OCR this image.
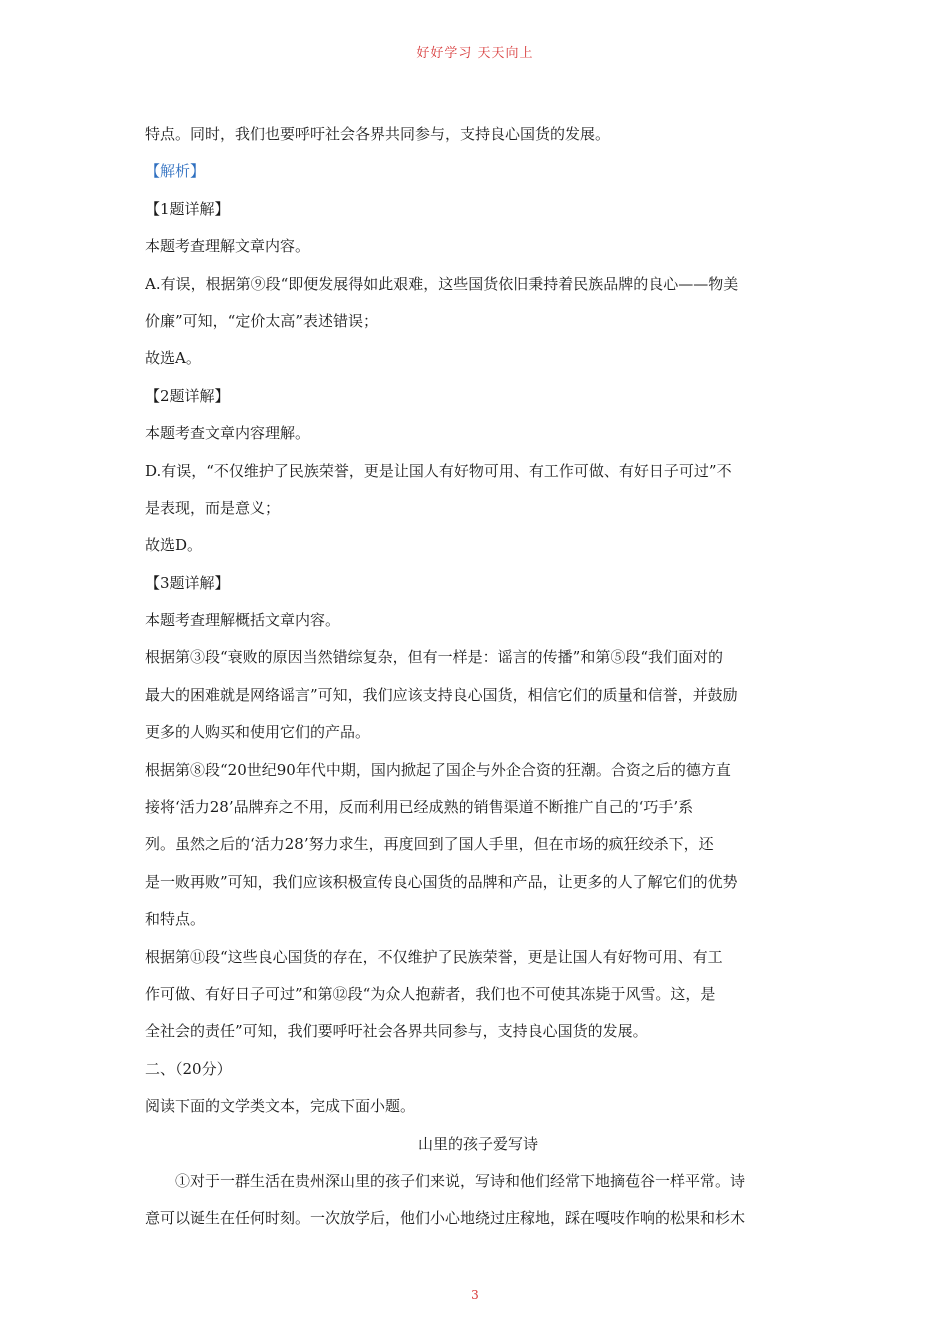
好好学习 天天向上
特点。同时，我们也要呼吁社会各界共同参与，支持良心国货的发展。
【解析】
【1题详解】
本题考查理解文章内容。
A.有误，根据第⑨段“即便发展得如此艰难，这些国货依旧秉持着民族品牌的良心——物美
价廉”可知，“定价太高”表述错误；
故选A。
【2题详解】
本题考查文章内容理解。
D.有误，“不仅维护了民族荣誉，更是让国人有好物可用、有工作可做、有好日子可过”不
是表现，而是意义；
故选D。
【3题详解】
本题考查理解概括文章内容。
根据第③段“衰败的原因当然错综复杂，但有一样是：谣言的传播”和第⑤段“我们面对的
最大的困难就是网络谣言”可知，我们应该支持良心国货，相信它们的质量和信誉，并鼓励
更多的人购买和使用它们的产品。
根据第⑧段“20世纪90年代中期，国内掀起了国企与外企合资的狂潮。合资之后的德方直
接将‘活力28’品牌弃之不用，反而利用已经成熟的销售渠道不断推广自己的‘巧手’系
列。虽然之后的‘活力28’努力求生，再度回到了国人手里，但在市场的疯狂绞杀下，还
是一败再败”可知，我们应该积极宣传良心国货的品牌和产品，让更多的人了解它们的优势
和特点。
根据第⑪段“这些良心国货的存在，不仅维护了民族荣誉，更是让国人有好物可用、有工
作可做、有好日子可过”和第⑫段“为众人抱薪者，我们也不可使其冻毙于风雪。这，是
全社会的责任”可知，我们要呼吁社会各界共同参与，支持良心国货的发展。
二、（20分）
阅读下面的文学类文本，完成下面小题。
山里的孩子爱写诗
①对于一群生活在贵州深山里的孩子们来说，写诗和他们经常下地摘苞谷一样平常。诗
意可以诞生在任何时刻。一次放学后，他们小心地绕过庄稼地，踩在嘎吱作响的松果和杉木
3
